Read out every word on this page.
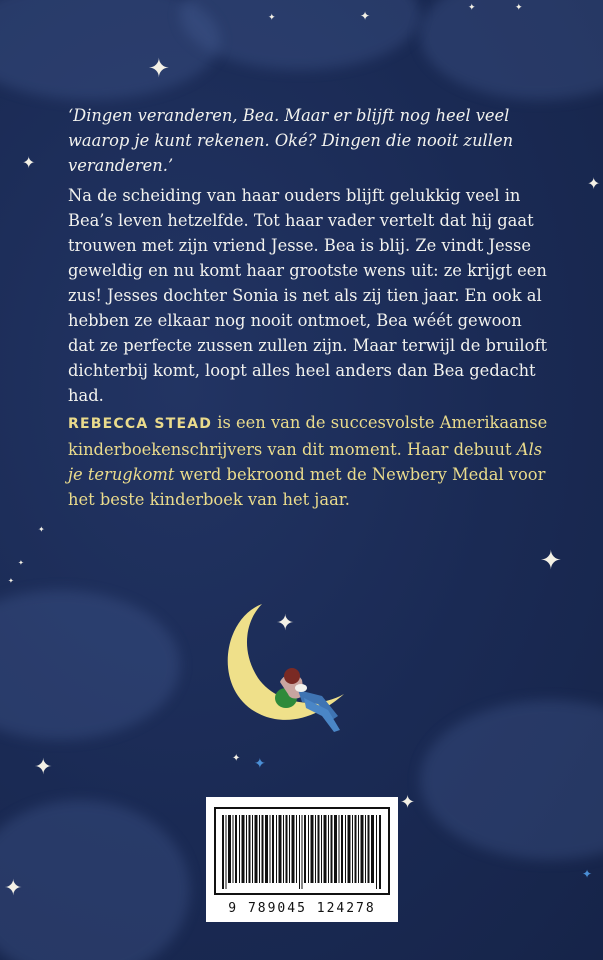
✦
✦
✦
✦	✦
✦
✦
✦
✦
✦
✦
✦
✦ ✦
✦
✦
✦
✦
‘Dingen veranderen, Bea. Maar er blijft nog heel veel waarop je kunt rekenen. Oké? Dingen die nooit zullen veranderen.’
Na de scheiding van haar ouders blijft gelukkig veel in Bea’s leven hetzelfde. Tot haar vader vertelt dat hij gaat trouwen met zijn vriend Jesse. Bea is blij. Ze vindt Jesse geweldig en nu komt haar grootste wens uit: ze krijgt een zus! Jesses dochter Sonia is net als zij tien jaar. En ook al hebben ze elkaar nog nooit ontmoet, Bea wéét gewoon dat ze perfecte zussen zullen zijn. Maar terwijl de bruiloft dichterbij komt, loopt alles heel anders dan Bea gedacht had.
REBECCA STEAD is een van de succesvolste Amerikaanse kinderboekenschrijvers van dit moment. Haar debuut Als je terugkomt werd bekroond met de Newbery Medal voor het beste kinderboek van het jaar.
9 789045 124278
